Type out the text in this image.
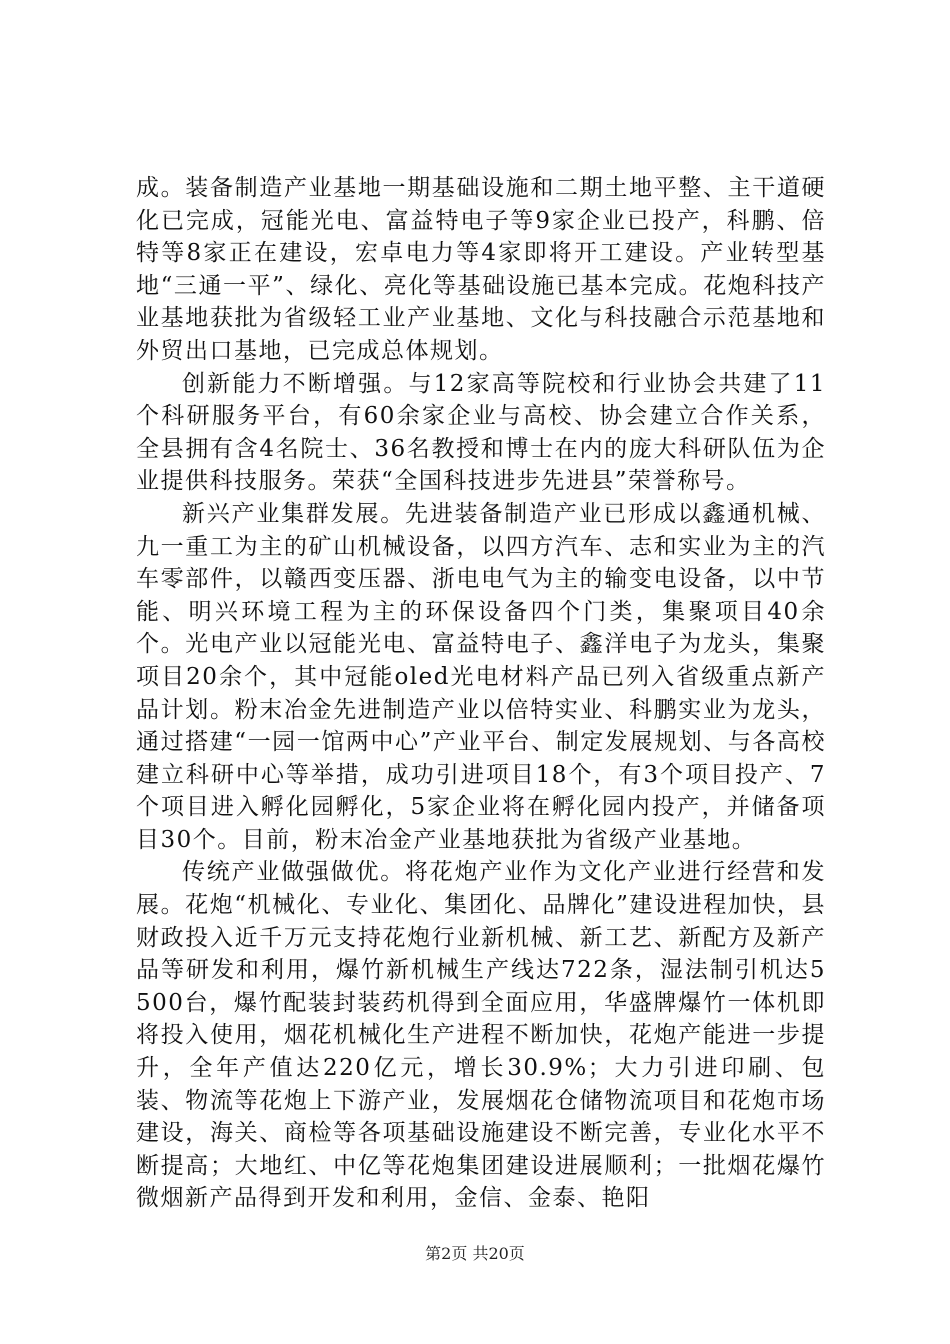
成。装备制造产业基地一期基础设施和二期土地平整、主干道硬化已完成，冠能光电、富益特电子等9家企业已投产，科鹏、倍特等8家正在建设，宏卓电力等4家即将开工建设。产业转型基地“三通一平”、绿化、亮化等基础设施已基本完成。花炮科技产业基地获批为省级轻工业产业基地、文化与科技融合示范基地和外贸出口基地，已完成总体规划。

创新能力不断增强。与12家高等院校和行业协会共建了11个科研服务平台，有60余家企业与高校、协会建立合作关系，全县拥有含4名院士、36名教授和博士在内的庞大科研队伍为企业提供科技服务。荣获“全国科技进步先进县”荣誉称号。

新兴产业集群发展。先进装备制造产业已形成以鑫通机械、九一重工为主的矿山机械设备，以四方汽车、志和实业为主的汽车零部件，以赣西变压器、浙电电气为主的输变电设备，以中节能、明兴环境工程为主的环保设备四个门类，集聚项目40余个。光电产业以冠能光电、富益特电子、鑫洋电子为龙头，集聚项目20余个，其中冠能oled光电材料产品已列入省级重点新产品计划。粉末冶金先进制造产业以倍特实业、科鹏实业为龙头，通过搭建“一园一馆两中心”产业平台、制定发展规划、与各高校建立科研中心等举措，成功引进项目18个，有3个项目投产、7个项目进入孵化园孵化，5家企业将在孵化园内投产，并储备项目30个。目前，粉末冶金产业基地获批为省级产业基地。

传统产业做强做优。将花炮产业作为文化产业进行经营和发展。花炮“机械化、专业化、集团化、品牌化”建设进程加快，县财政投入近千万元支持花炮行业新机械、新工艺、新配方及新产品等研发和利用，爆竹新机械生产线达722条，湿法制引机达5500台，爆竹配装封装药机得到全面应用，华盛牌爆竹一体机即将投入使用，烟花机械化生产进程不断加快，花炮产能进一步提升，全年产值达220亿元，增长30.9%；大力引进印刷、包装、物流等花炮上下游产业，发展烟花仓储物流项目和花炮市场建设，海关、商检等各项基础设施建设不断完善，专业化水平不断提高；大地红、中亿等花炮集团建设进展顺利；一批烟花爆竹微烟新产品得到开发和利用，金信、金泰、艳阳

第2页 共20页
